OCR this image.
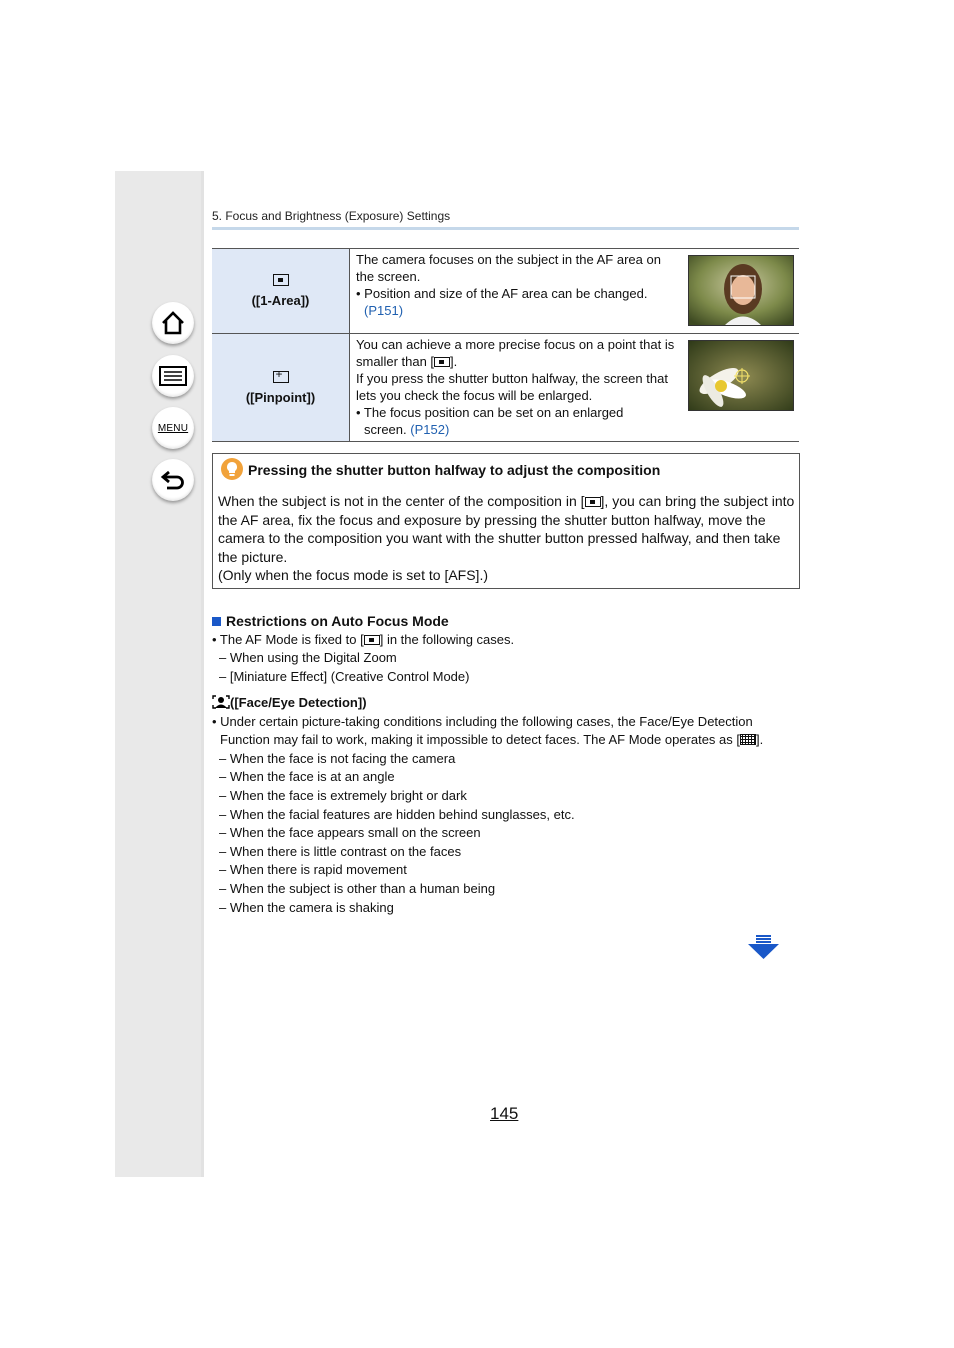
MENU
5. Focus and Brightness (Exposure) Settings

([1-Area])	The camera focuses on the subject in the AF area on the screen.
• Position and size of the AF area can be changed.
(P151)

+
([Pinpoint])	You can achieve a more precise focus on a point that is smaller than [ ].
If you press the shutter button halfway, the screen that lets you check the focus will be enlarged.
• The focus position can be set on an enlarged
screen. (P152)

Pressing the shutter button halfway to adjust the composition
When the subject is not in the center of the composition in [ ], you can bring the subject into the AF area, fix the focus and exposure by pressing the shutter button halfway, move the camera to the composition you want with the shutter button pressed halfway, and then take the picture.
(Only when the focus mode is set to [AFS].)
Restrictions on Auto Focus Mode
• The AF Mode is fixed to [ ] in the following cases.
– When using the Digital Zoom
– [Miniature Effect] (Creative Control Mode)
([Face/Eye Detection])
• Under certain picture-taking conditions including the following cases, the Face/Eye Detection
Function may fail to work, making it impossible to detect faces. The AF Mode operates as [ ].
– When the face is not facing the camera
– When the face is at an angle
– When the face is extremely bright or dark
– When the facial features are hidden behind sunglasses, etc.
– When the face appears small on the screen
– When there is little contrast on the faces
– When there is rapid movement
– When the subject is other than a human being
– When the camera is shaking
145
